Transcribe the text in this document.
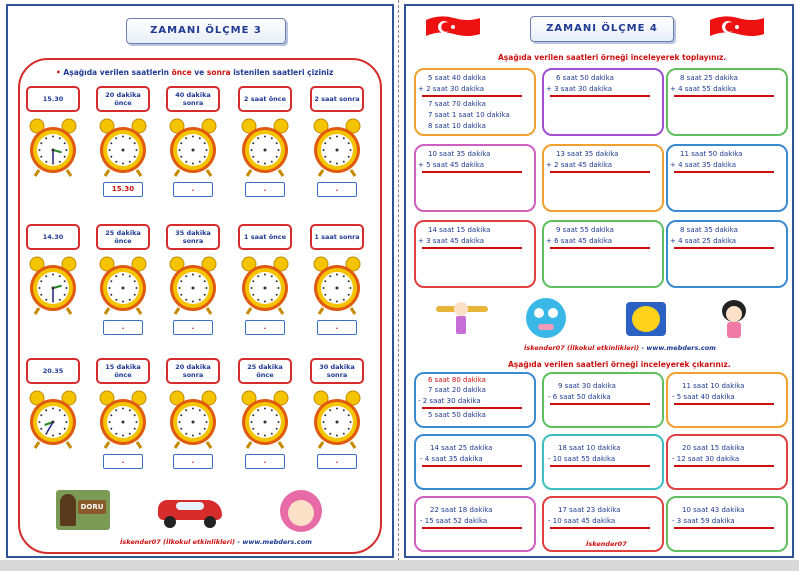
ZAMANI ÖLÇME 3
• Aşağıda verilen saatlerin önce ve sonra istenilen saatleri çiziniz
15.30	20 dakika önce
15.30
40 dakika sonra
.
2 saat önce
.
2 saat sonra
.
14.30	25 dakika önce
.
35 dakika sonra
.
1 saat önce
.
1 saat sonra
.
20.35	15 dakika önce
.
20 dakika sonra
.
25 dakika önce
.
30 dakika sonra
.
DORU
İskender07 (İlkokul etkinlikleri) - www.mebders.com
ZAMANI ÖLÇME 4
Aşağıda verilen saatleri örneği inceleyerek toplayınız.
5 saat 40 dakika
+ 2 saat 30 dakika
7 saat 70 dakika
7 saat 1 saat 10 dakika
8 saat 10 dakika
6 saat 50 dakika
+ 3 saat 30 dakika
8 saat 25 dakika
+ 4 saat 55 dakika
10 saat 35 dakika
+ 5 saat 45 dakika
13 saat 35 dakika
+ 2 saat 45 dakika
11 saat 50 dakika
+ 4 saat 35 dakika
14 saat 15 dakika
+ 3 saat 45 dakika
9 saat 55 dakika
+ 6 saat 45 dakika
8 saat 35 dakika
+ 4 saat 25 dakika
İskender07 (İlkokul etkinlikleri) - www.mebders.com
Aşağıda verilen saatleri örneği inceleyerek çıkarınız.
6 saat 80 dakika
7 saat 20 dakika
- 2 saat 30 dakika
5 saat 50 dakika
9 saat 30 dakika
- 6 saat 50 dakika
11 saat 10 dakika
- 5 saat 40 dakika
14 saat 25 dakika
- 4 saat 35 dakika
18 saat 10 dakika
- 10 saat 55 dakika
20 saat 15 dakika
- 12 saat 30 dakika
22 saat 18 dakika
- 15 saat 52 dakika
17 saat 23 dakika
- 10 saat 45 dakika
10 saat 43 dakika
- 3 saat 59 dakika
İskender07
